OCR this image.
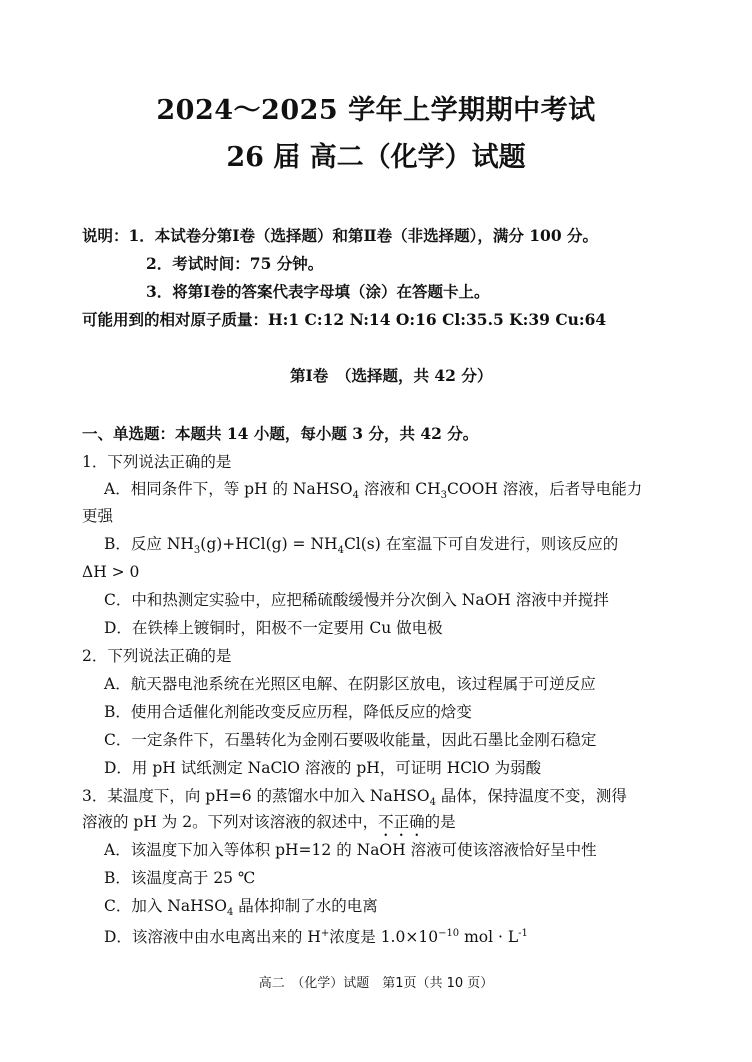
2024～2025 学年上学期期中考试
26 届 高二（化学）试题
说明：1．本试卷分第Ⅰ卷（选择题）和第Ⅱ卷（非选择题），满分 100 分。
2．考试时间：75 分钟。
3．将第Ⅰ卷的答案代表字母填（涂）在答题卡上。
可能用到的相对原子质量：H:1 C:12 N:14 O:16 Cl:35.5 K:39 Cu:64
第Ⅰ卷　（选择题，共 42 分）
一、单选题：本题共 14 小题，每小题 3 分，共 42 分。
1．下列说法正确的是
A．相同条件下，等 pH 的 NaHSO$_4$ 溶液和 $CH_3COOH$ 溶液，后者导电能力
更强
B．反应 $NH_3(g)+HCl(g) = NH_4Cl(s)$ 在室温下可自发进行，则该反应的
ΔH > 0
C．中和热测定实验中，应把稀硫酸缓慢并分次倒入 NaOH 溶液中并搅拌
D．在铁棒上镀铜时，阳极不一定要用 Cu 做电极
2．下列说法正确的是
A．航天器电池系统在光照区电解、在阴影区放电，该过程属于可逆反应
B．使用合适催化剂能改变反应历程，降低反应的焓变
C．一定条件下，石墨转化为金刚石要吸收能量，因此石墨比金刚石稳定
D．用 pH 试纸测定 NaClO 溶液的 pH，可证明 HClO 为弱酸
3．某温度下，向 pH=6 的蒸馏水中加入 NaHSO$_4$ 晶体，保持温度不变，测得
溶液的 pH 为 2。下列对该溶液的叙述中，不正确的是
A．该温度下加入等体积 pH=12 的 NaOH 溶液可使该溶液恰好呈中性
B．该温度高于 25 ℃
C．加入 NaHSO$_4$ 晶体抑制了水的电离
D．该溶液中由水电离出来的 H+浓度是 $1.0\times 10^{-10}$ mol · $L^{-1}$
高二　（化学）试题　第1页（共 10 页）
